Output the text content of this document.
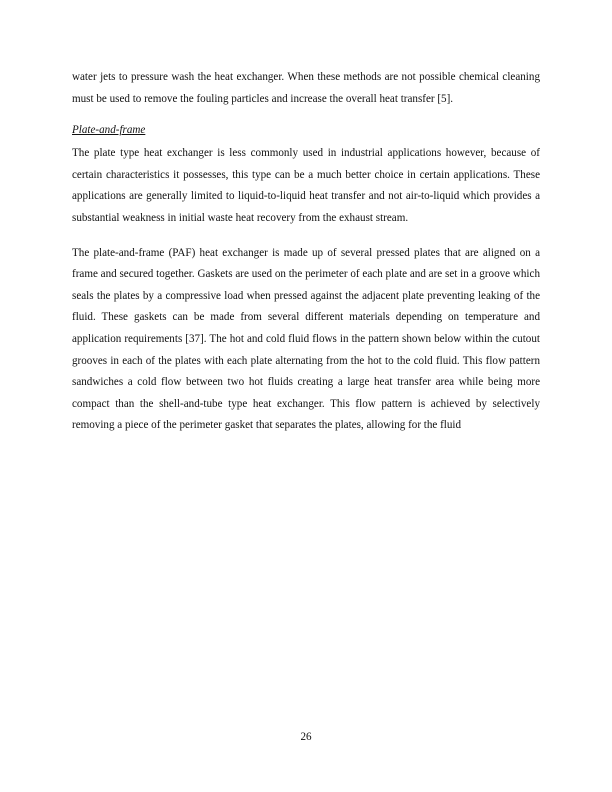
water jets to pressure wash the heat exchanger. When these methods are not possible chemical cleaning must be used to remove the fouling particles and increase the overall heat transfer [5].

Plate-and-frame

The plate type heat exchanger is less commonly used in industrial applications however, because of certain characteristics it possesses, this type can be a much better choice in certain applications. These applications are generally limited to liquid-to-liquid heat transfer and not air-to-liquid which provides a substantial weakness in initial waste heat recovery from the exhaust stream.

The plate-and-frame (PAF) heat exchanger is made up of several pressed plates that are aligned on a frame and secured together. Gaskets are used on the perimeter of each plate and are set in a groove which seals the plates by a compressive load when pressed against the adjacent plate preventing leaking of the fluid. These gaskets can be made from several different materials depending on temperature and application requirements [37]. The hot and cold fluid flows in the pattern shown below within the cutout grooves in each of the plates with each plate alternating from the hot to the cold fluid. This flow pattern sandwiches a cold flow between two hot fluids creating a large heat transfer area while being more compact than the shell-and-tube type heat exchanger. This flow pattern is achieved by selectively removing a piece of the perimeter gasket that separates the plates, allowing for the fluid

26
